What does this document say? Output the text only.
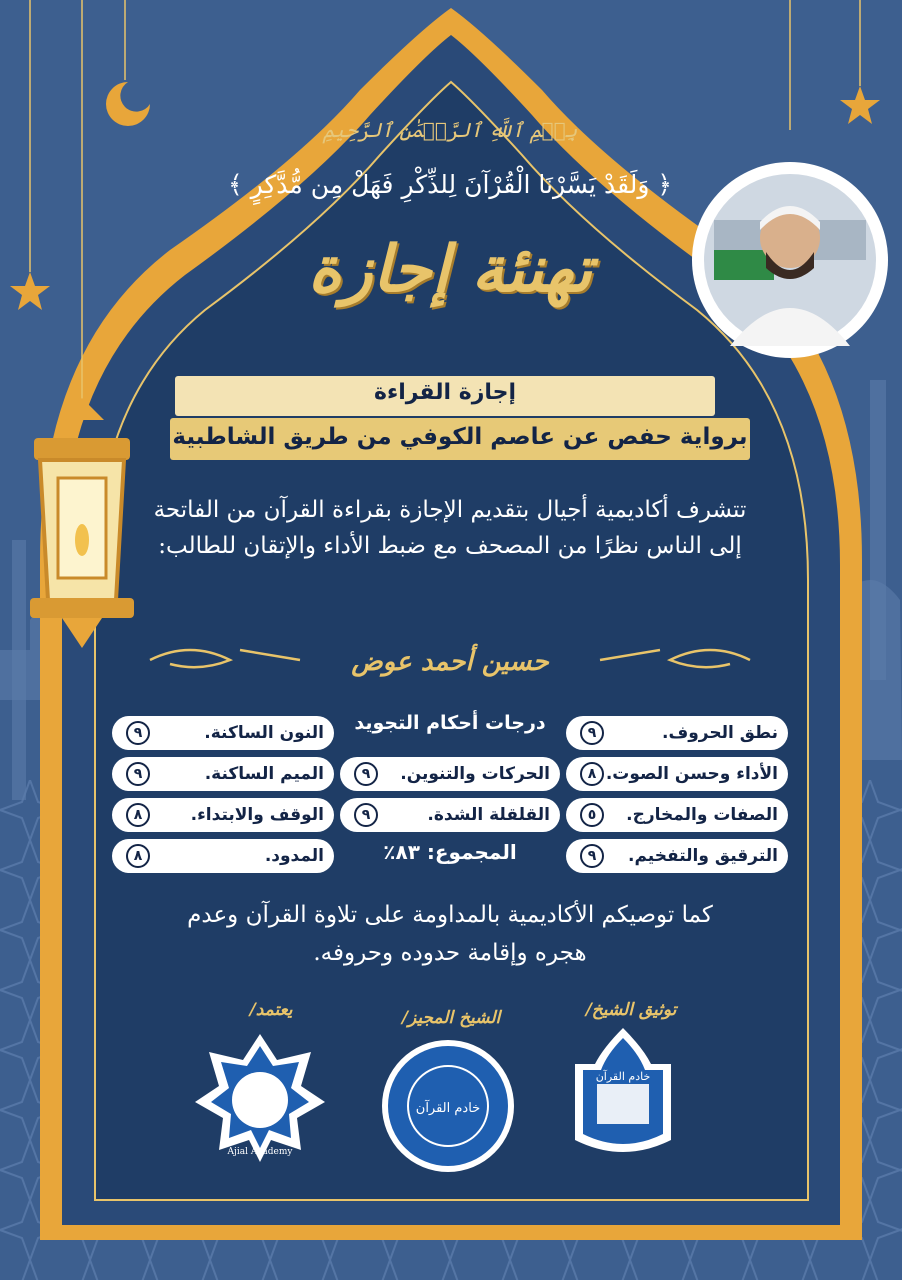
بِسۡمِ ٱللَّهِ ٱلرَّحۡمَٰنِ ٱلرَّحِيمِ
﴿ وَلَقَدْ يَسَّرْنَا الْقُرْآنَ لِلذِّكْرِ فَهَلْ مِن مُّدَّكِرٍ ﴾
تهنئة إجازة
إجازة القراءة
برواية حفص عن عاصم الكوفي من طريق الشاطبية
تتشرف أكاديمية أجيال بتقديم الإجازة بقراءة القرآن من الفاتحة إلى الناس نظرًا من المصحف مع ضبط الأداء والإتقان للطالب:
حسين أحمد عوض
نطق الحروف.
٩
الأداء وحسن الصوت.
٨
الصفات والمخارج.
٥
الترقيق والتفخيم.
٩
درجات أحكام التجويد
الحركات والتنوين.
٩
القلقلة الشدة.
٩
المجموع: ٨٣٪
النون الساكنة.
٩
الميم الساكنة.
٩
الوقف والابتداء.
٨
المدود.
٨
كما توصيكم الأكاديمية بالمداومة على تلاوة القرآن وعدم هجره وإقامة حدوده وحروفه.
توثيق الشيخ/
الشيخ المجيز/
يعتمد/
Ajial Academy
خادم القرآن
خادم القرآن
